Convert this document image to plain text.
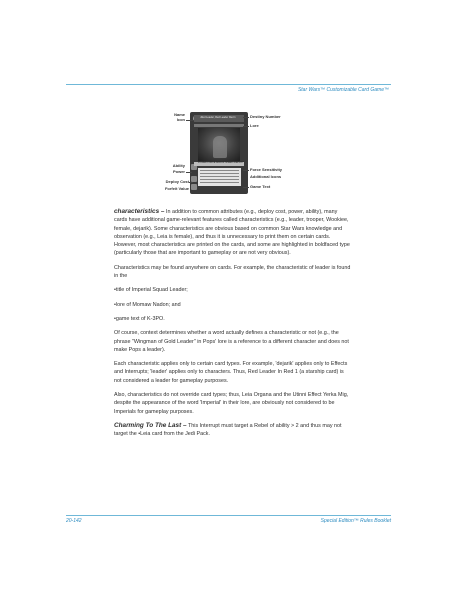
Star Wars™ Customizable Card Game™
•Red Leader, Red Leader Red 1
POWER FORCE ARMOR SPEED •DEPLOY
Name
Icon
Ability
Power
Deploy Cost
Forfeit Value
Destiny Number
Lore
Force Sensitivity
Additional Icons
Game Text

characteristics – In addition to common attributes (e.g., deploy cost, power, ability), many cards have additional game-relevant features called characteristics (e.g., leader, trooper, Wookiee, female, dejarik). Some characteristics are obvious based on common Star Wars knowledge and observation (e.g., Leia is female), and thus it is unnecessary to print them on certain cards. However, most characteristics are printed on the cards, and some are highlighted in boldfaced type (particularly those that are important to gameplay or are not very obvious).

Characteristics may be found anywhere on cards. For example, the characteristic of leader is found in the

•title of Imperial Squad Leader;

•lore of Momaw Nadon; and

•game text of K-3PO.

Of course, context determines whether a word actually defines a characteristic or not (e.g., the phrase "Wingman of Gold Leader" in Pops' lore is a reference to a different character and does not make Pops a leader).

Each characteristic applies only to certain card types. For example, 'dejarik' applies only to Effects and Interrupts; 'leader' applies only to characters. Thus, Red Leader In Red 1 (a starship card) is not considered a leader for gameplay purposes.

Also, characteristics do not override card types; thus, Leia Organa and the Utinni Effect Yerka Mig, despite the appearance of the word 'Imperial' in their lore, are obviously not considered to be Imperials for gameplay purposes.

Charming To The Last – This Interrupt must target a Rebel of ability > 2 and thus may not target the •Leia card from the Jedi Pack.

20-142	Special Edition™ Rules Booklet
